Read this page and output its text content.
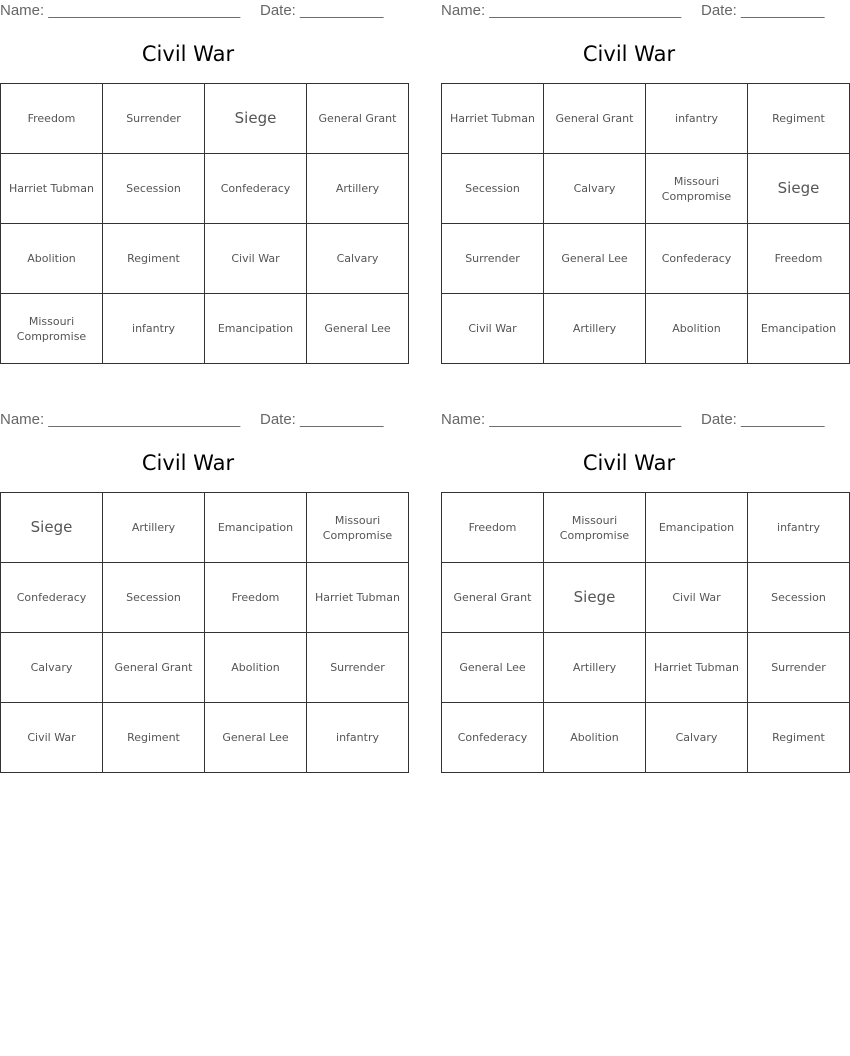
Name: _______________________ Date: __________
Civil War
Freedom	Surrender	Siege	General Grant
Harriet Tubman	Secession	Confederacy	Artillery
Abolition	Regiment	Civil War	Calvary
Missouri Compromise	infantry	Emancipation	General Lee
Name: _______________________ Date: __________
Civil War
Harriet Tubman	General Grant	infantry	Regiment
Secession	Calvary	Missouri Compromise	Siege
Surrender	General Lee	Confederacy	Freedom
Civil War	Artillery	Abolition	Emancipation
Name: _______________________ Date: __________
Civil War
Siege	Artillery	Emancipation	Missouri Compromise
Confederacy	Secession	Freedom	Harriet Tubman
Calvary	General Grant	Abolition	Surrender
Civil War	Regiment	General Lee	infantry
Name: _______________________ Date: __________
Civil War
Freedom	Missouri Compromise	Emancipation	infantry
General Grant	Siege	Civil War	Secession
General Lee	Artillery	Harriet Tubman	Surrender
Confederacy	Abolition	Calvary	Regiment
